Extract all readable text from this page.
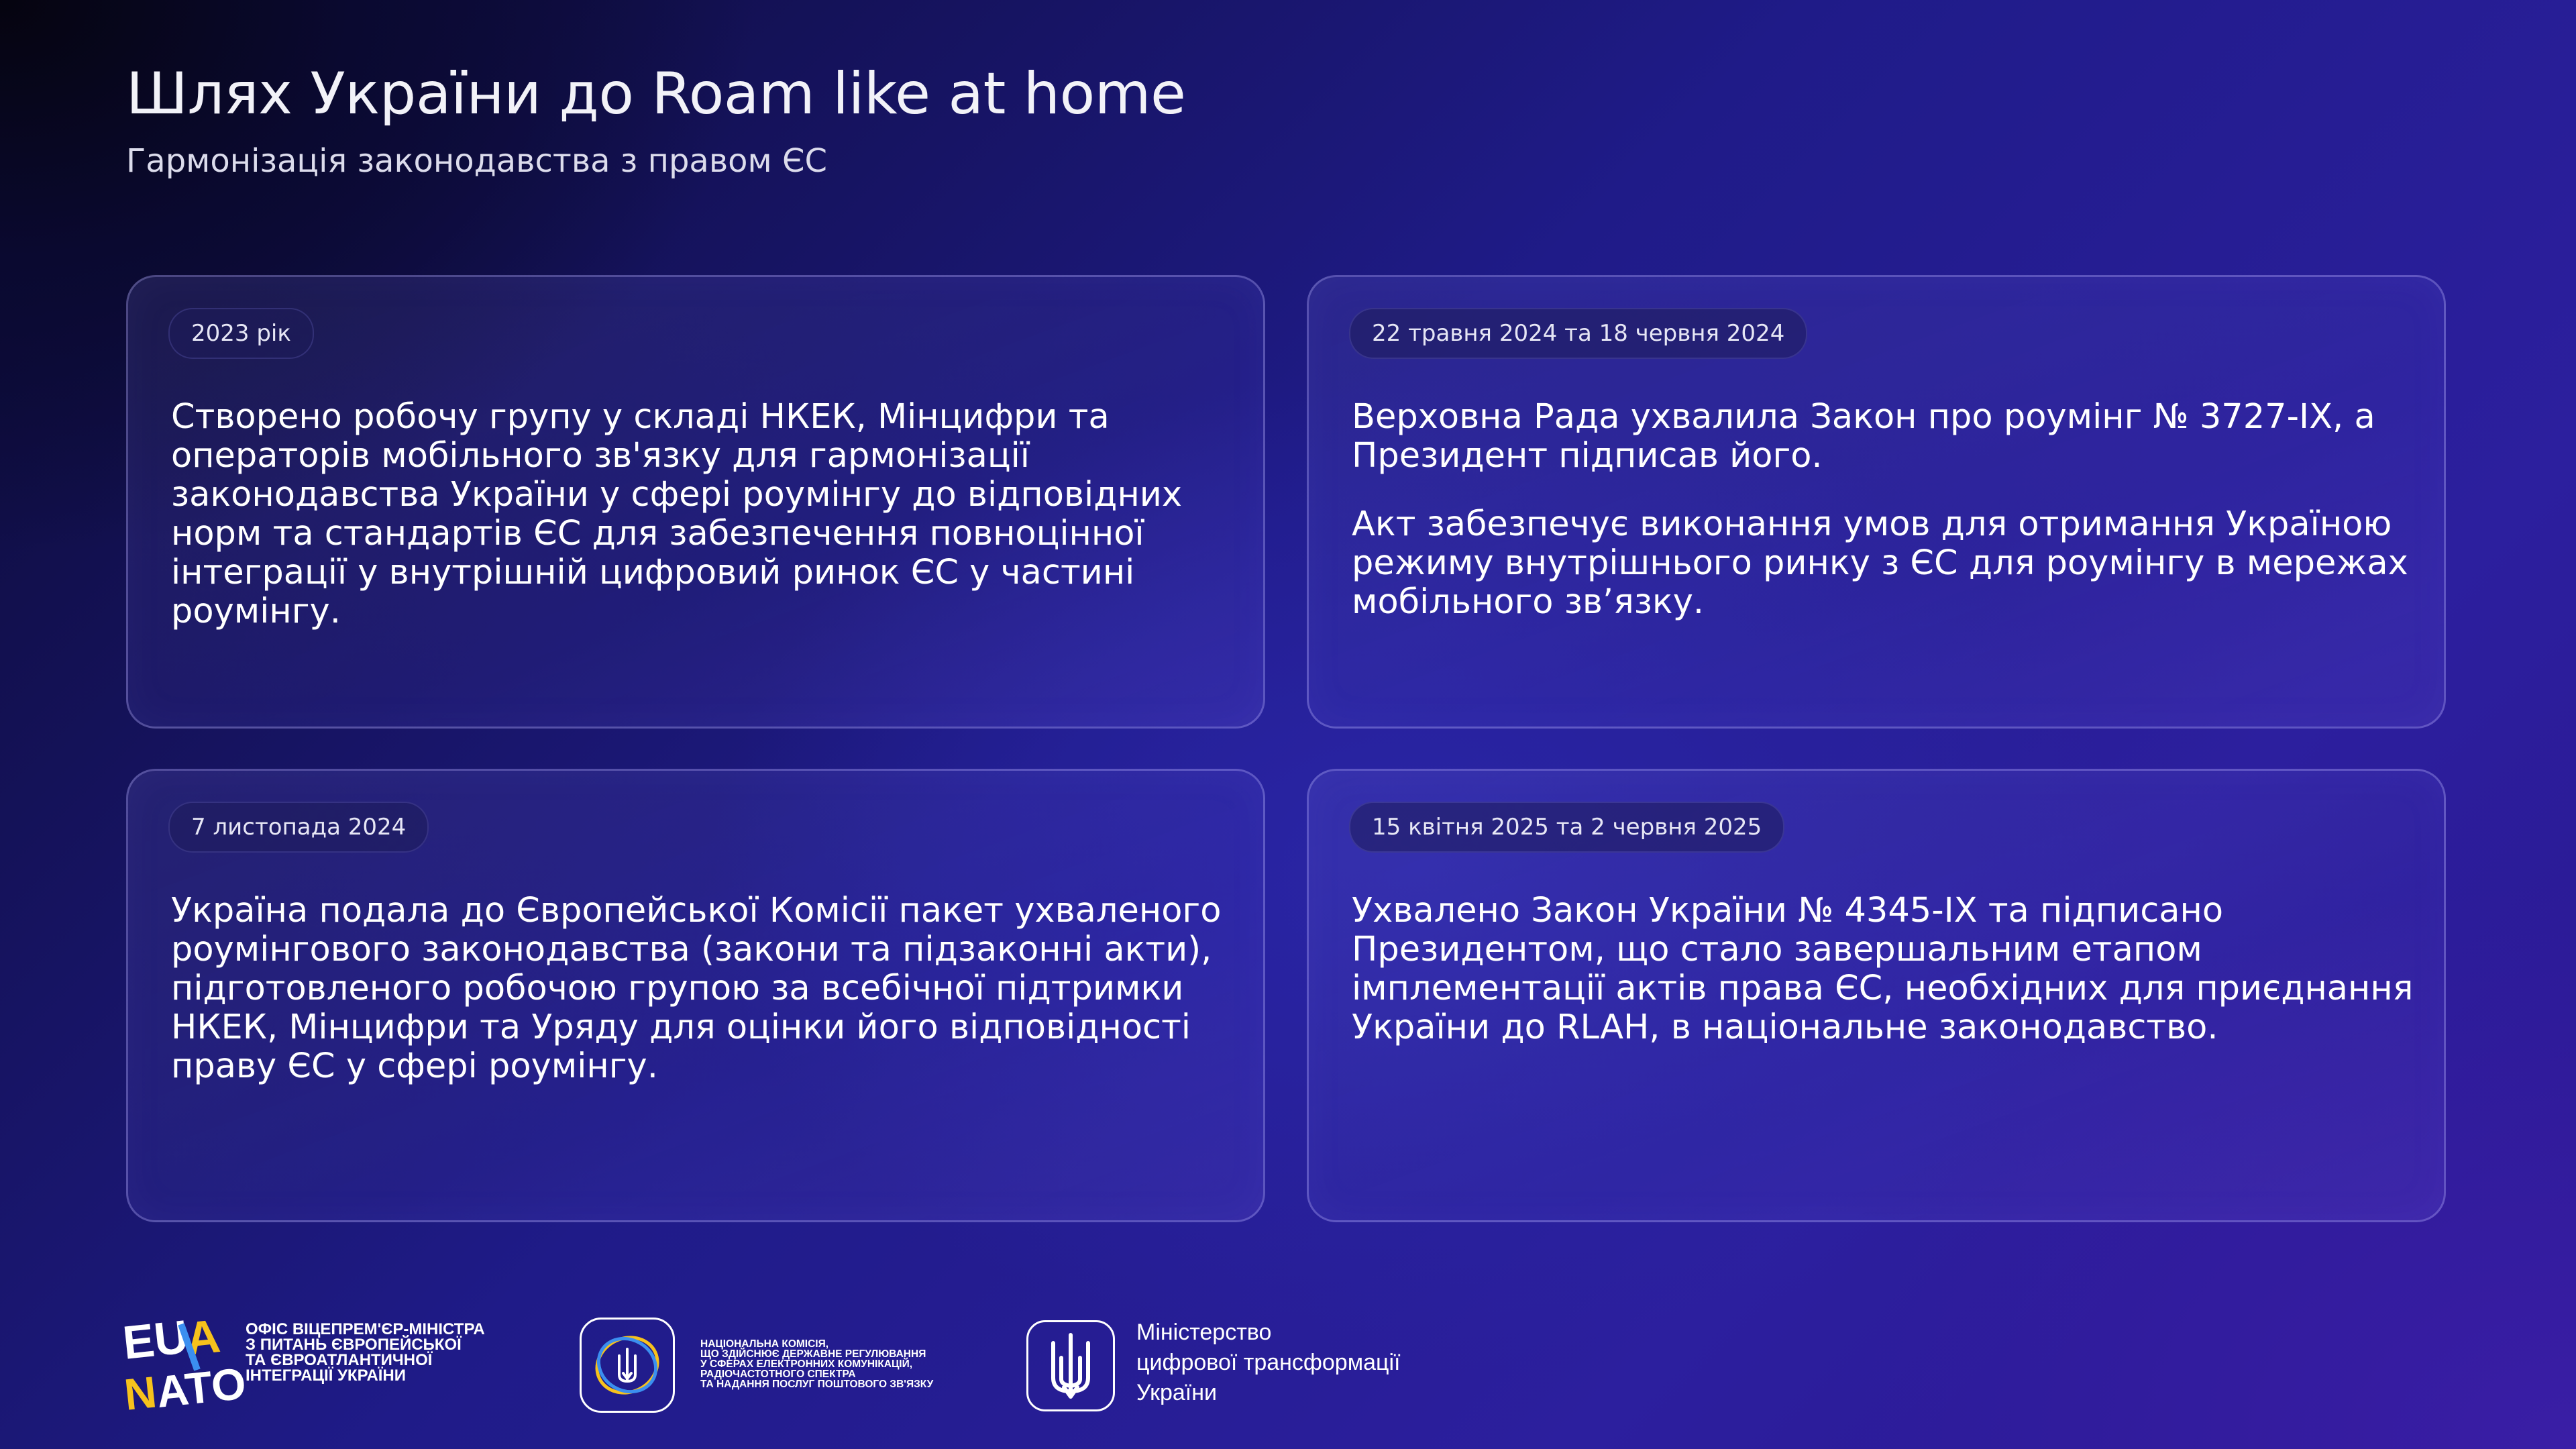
Шлях України до Roam like at home
Гармонізація законодавства з правом ЄС
2023 рік

Створено робочу групу у складі НКЕК, Мінцифри та операторів мобільного зв'язку для гармонізації законодавства України у сфері роумінгу до відповідних норм та стандартів ЄС для забезпечення повноцінної інтеграції у внутрішній цифровий ринок ЄС у частині роумінгу.

22 травня 2024 та 18 червня 2024

Верховна Рада ухвалила Закон про роумінг № 3727-ІХ, а Президент підписав його.

Акт забезпечує виконання умов для отримання Україною режиму внутрішнього ринку з ЄС для роумінгу в мережах мобільного зв’язку.

7 листопада 2024

Україна подала до Європейської Комісії пакет ухваленого роумінгового законодавства (закони та підзаконні акти), підготовленого робочою групою за всебічної підтримки НКЕК, Мінцифри та Уряду для оцінки його відповідності праву ЄС у сфері роумінгу.

15 квітня 2025 та 2 червня 2025

Ухвалено Закон України № 4345-ІХ та підписано Президентом, що стало завершальним етапом імплементації актів права ЄС, необхідних для приєднання України до RLAH, в національне законодавство.

EU
A
N
ATO
ОФІС ВІЦЕПРЕМ'ЄР-МІНІСТРА
З ПИТАНЬ ЄВРОПЕЙСЬКОЇ
ТА ЄВРОАТЛАНТИЧНОЇ
ІНТЕГРАЦІЇ УКРАЇНИ
НАЦІОНАЛЬНА КОМІСІЯ,
ЩО ЗДІЙСНЮЄ ДЕРЖАВНЕ РЕГУЛЮВАННЯ
У СФЕРАХ ЕЛЕКТРОННИХ КОМУНІКАЦІЙ,
РАДІОЧАСТОТНОГО СПЕКТРА
ТА НАДАННЯ ПОСЛУГ ПОШТОВОГО ЗВ'ЯЗКУ
Міністерство
цифрової трансформації
України
